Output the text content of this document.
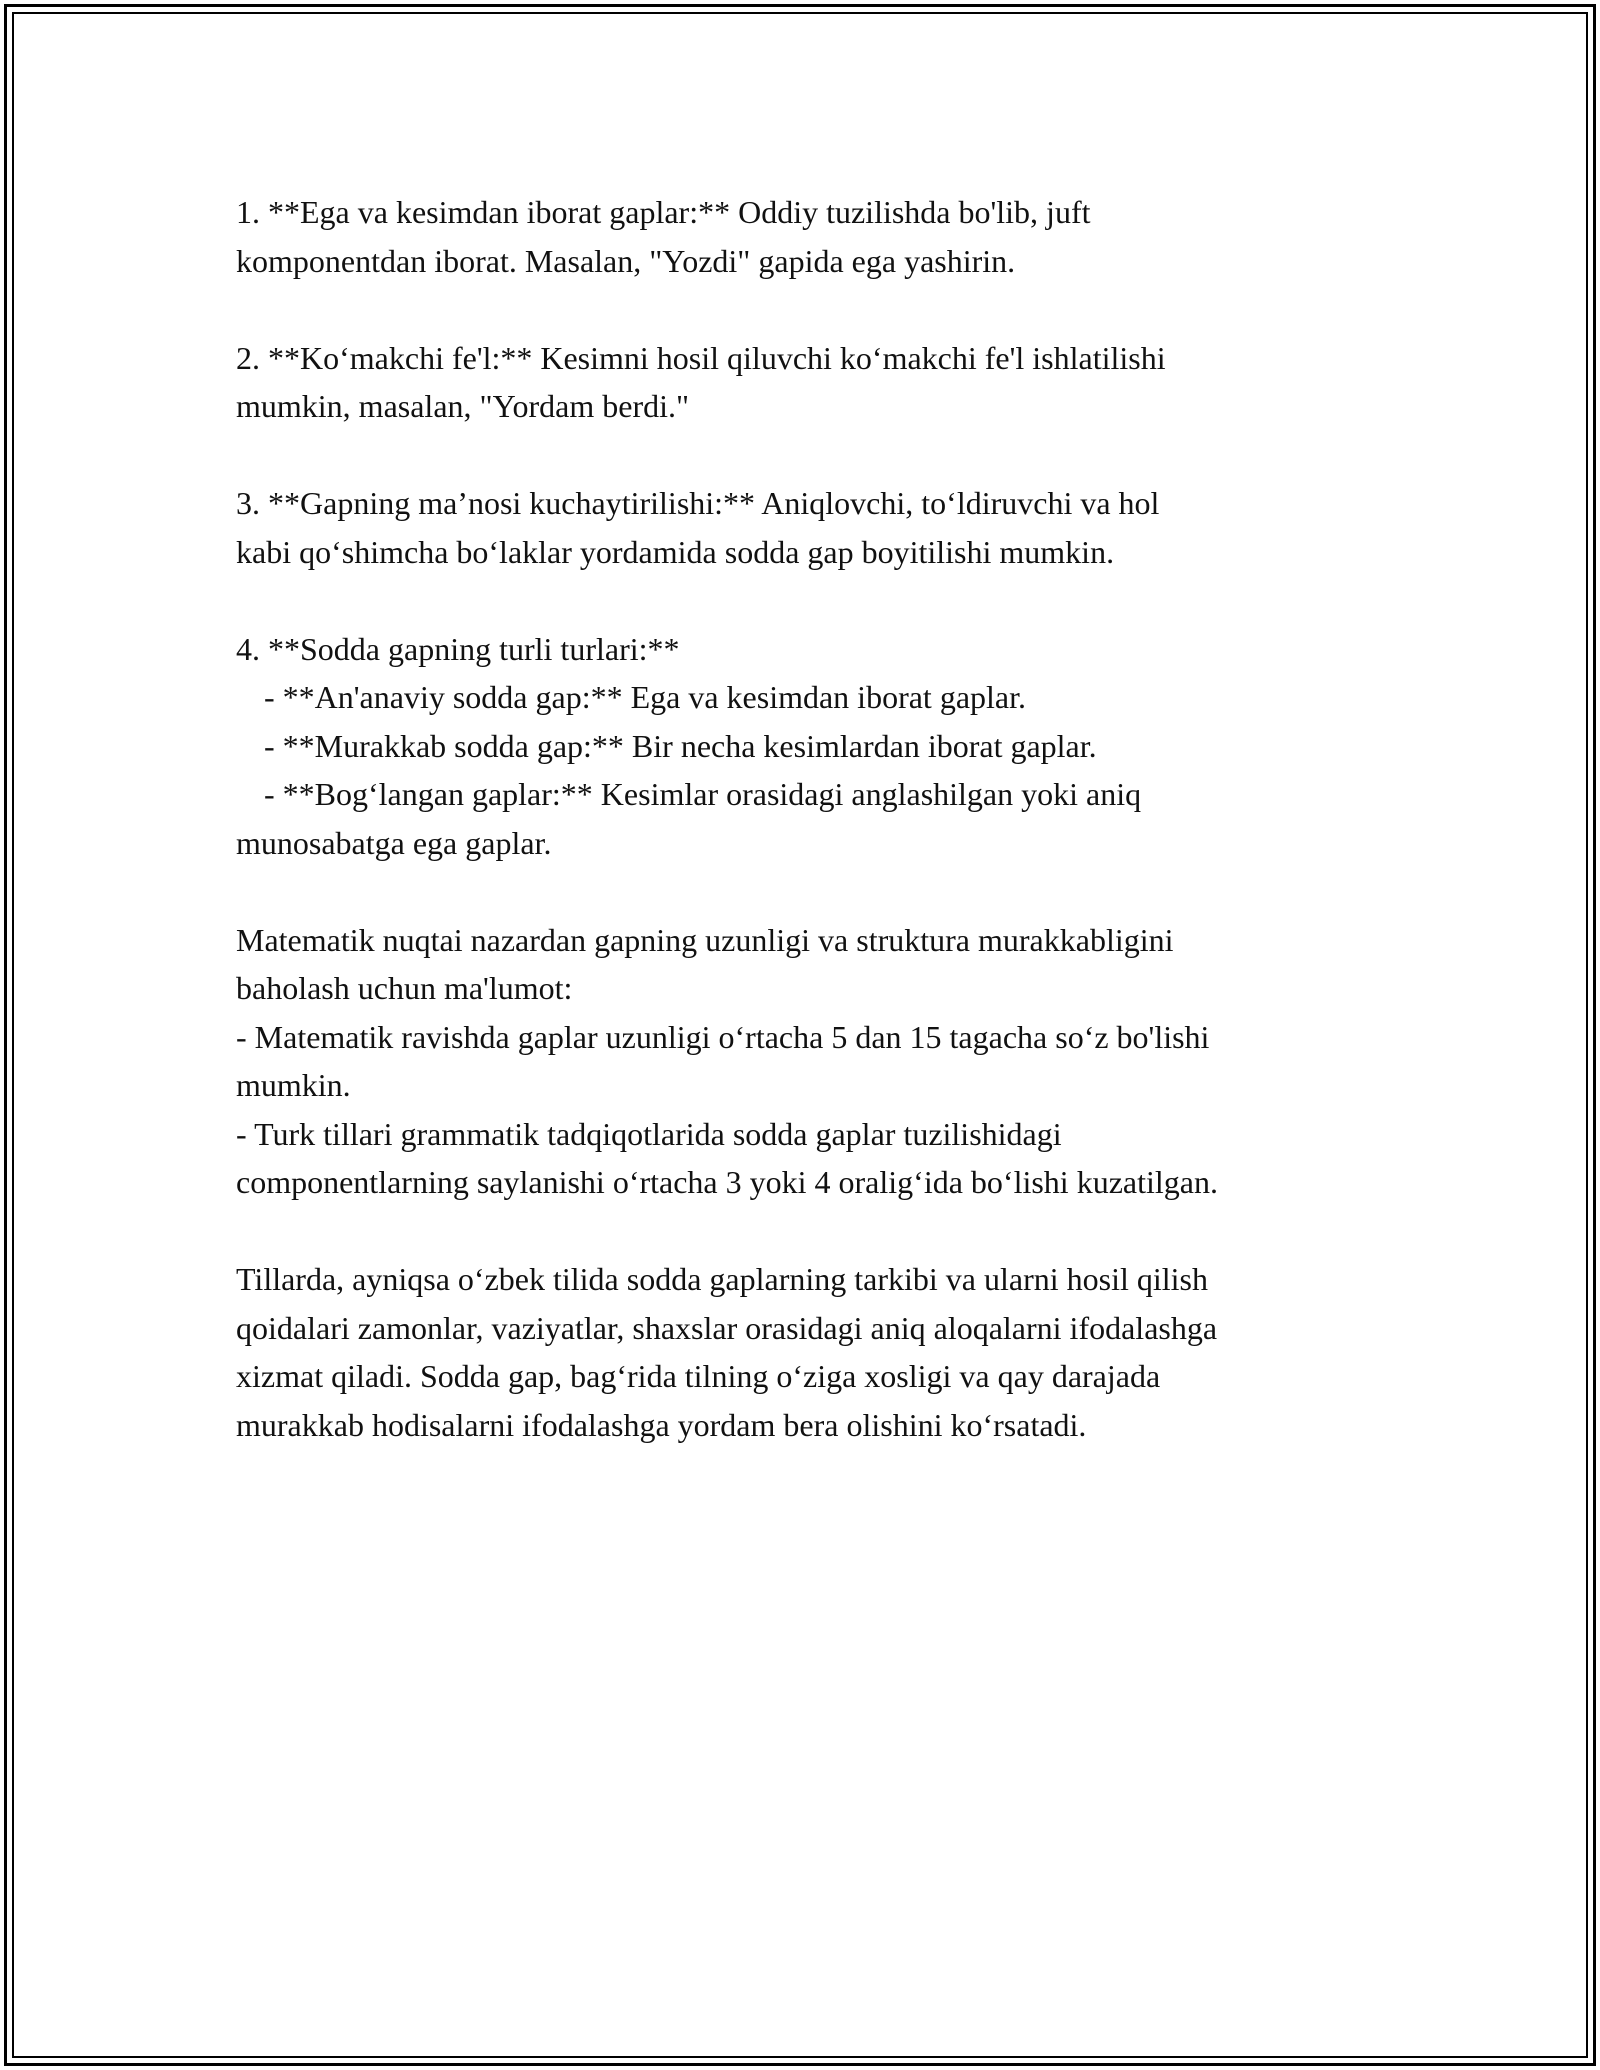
1. **Ega va kesimdan iborat gaplar:** Oddiy tuzilishda bo'lib, juft
komponentdan iborat. Masalan, "Yozdi" gapida ega yashirin.

2. **Ko‘makchi fe'l:** Kesimni hosil qiluvchi ko‘makchi fe'l ishlatilishi
mumkin, masalan, "Yordam berdi."

3. **Gapning ma’nosi kuchaytirilishi:** Aniqlovchi, to‘ldiruvchi va hol
kabi qo‘shimcha bo‘laklar yordamida sodda gap boyitilishi mumkin.

4. **Sodda gapning turli turlari:**
- **An'anaviy sodda gap:** Ega va kesimdan iborat gaplar.
- **Murakkab sodda gap:** Bir necha kesimlardan iborat gaplar.
- **Bog‘langan gaplar:** Kesimlar orasidagi anglashilgan yoki aniq
munosabatga ega gaplar.

Matematik nuqtai nazardan gapning uzunligi va struktura murakkabligini
baholash uchun ma'lumot:
- Matematik ravishda gaplar uzunligi o‘rtacha 5 dan 15 tagacha so‘z bo'lishi
mumkin.
- Turk tillari grammatik tadqiqotlarida sodda gaplar tuzilishidagi
componentlarning saylanishi o‘rtacha 3 yoki 4 oralig‘ida bo‘lishi kuzatilgan.

Tillarda, ayniqsa o‘zbek tilida sodda gaplarning tarkibi va ularni hosil qilish
qoidalari zamonlar, vaziyatlar, shaxslar orasidagi aniq aloqalarni ifodalashga
xizmat qiladi. Sodda gap, bag‘rida tilning o‘ziga xosligi va qay darajada
murakkab hodisalarni ifodalashga yordam bera olishini ko‘rsatadi.
